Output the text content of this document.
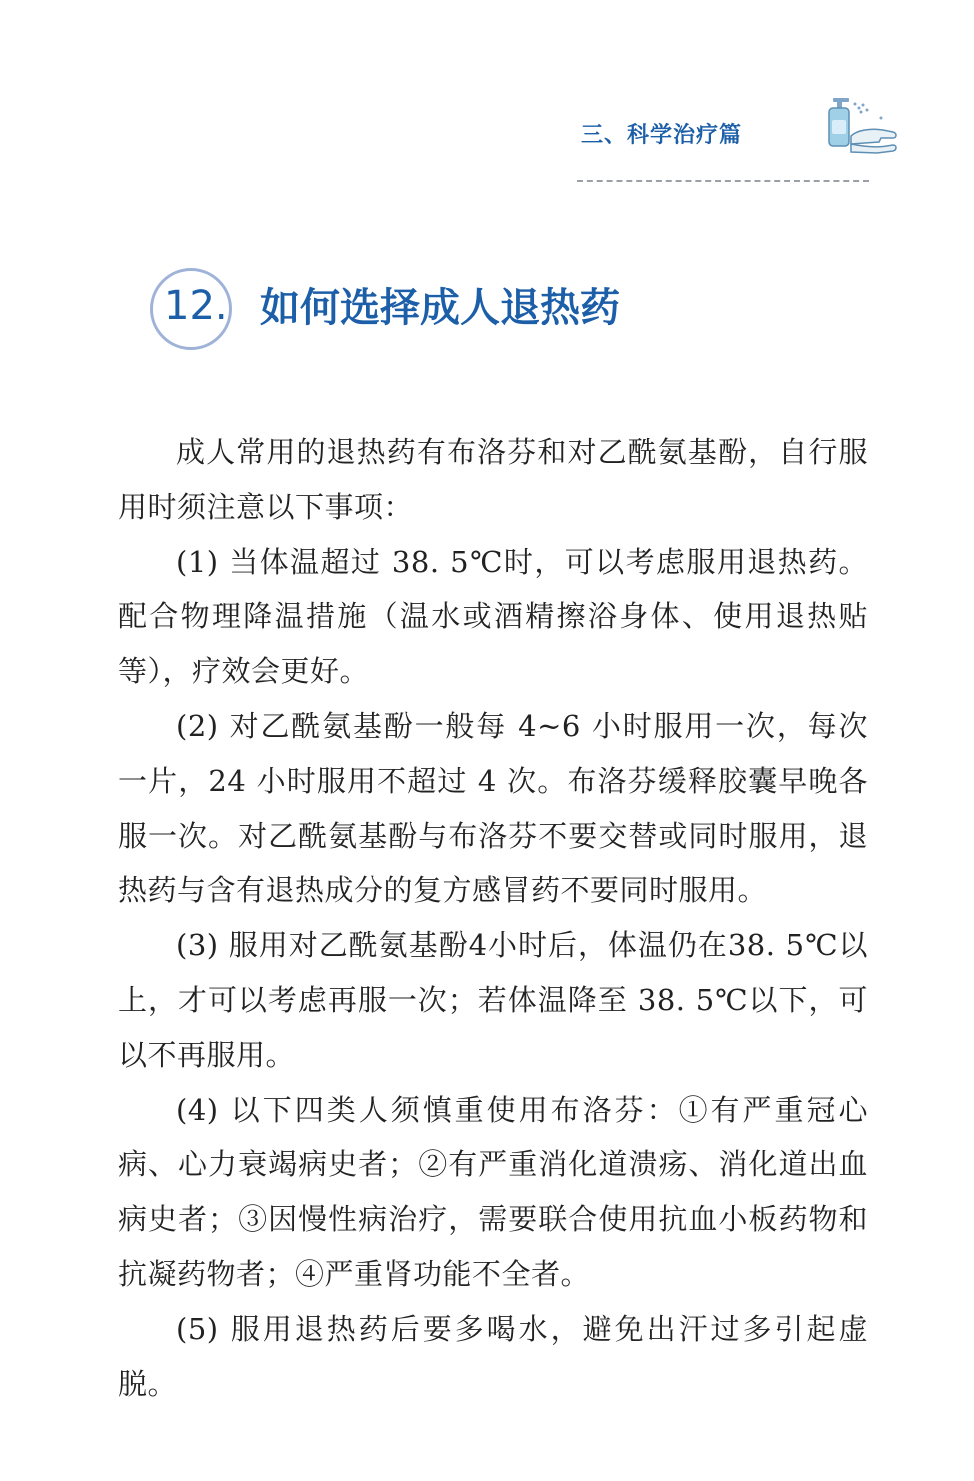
三、科学治疗篇
12. 如何选择成人退热药

成人常用的退热药有布洛芬和对乙酰氨基酚，自行服用时须注意以下事项：

(1) 当体温超过 38. 5℃时，可以考虑服用退热药。配合物理降温措施（温水或酒精擦浴身体、使用退热贴等），疗效会更好。

(2) 对乙酰氨基酚一般每 4~6 小时服用一次，每次一片，24 小时服用不超过 4 次。布洛芬缓释胶囊早晚各服一次。对乙酰氨基酚与布洛芬不要交替或同时服用，退热药与含有退热成分的复方感冒药不要同时服用。

(3) 服用对乙酰氨基酚4小时后，体温仍在38. 5℃以上，才可以考虑再服一次；若体温降至 38. 5℃以下，可以不再服用。

(4) 以下四类人须慎重使用布洛芬：①有严重冠心病、心力衰竭病史者；②有严重消化道溃疡、消化道出血病史者；③因慢性病治疗，需要联合使用抗血小板药物和抗凝药物者；④严重肾功能不全者。

(5) 服用退热药后要多喝水，避免出汗过多引起虚脱。
